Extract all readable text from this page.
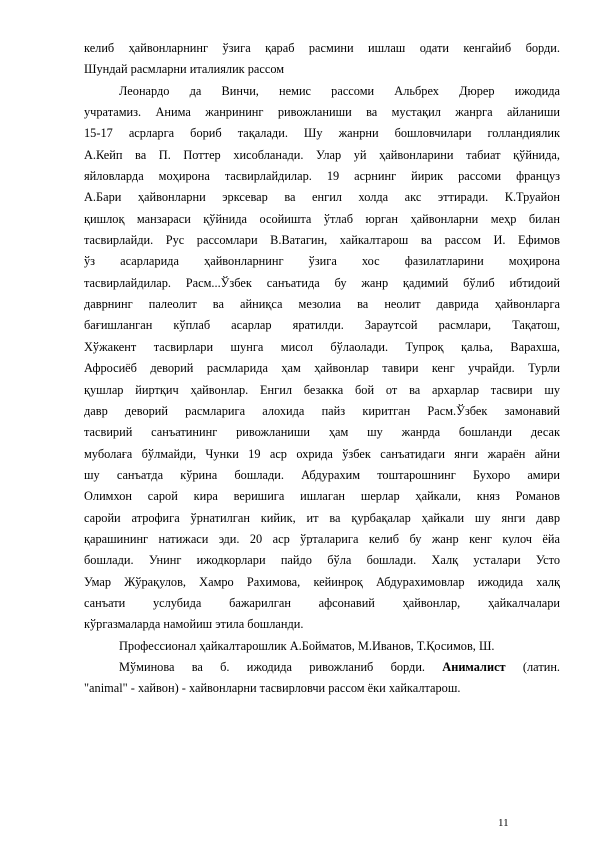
келиб ҳайвонларнинг ўзига қараб расмини ишлаш одати кенгайиб борди.
Шундай расмларни италиялик рассом
Леонардо да Винчи, немис рассоми Альбрех Дюрер ижодида
учратамиз. Анима жанрининг ривожланиши ва мустақил жанрга айланиши
15-17 асрларга бориб тақалади. Шу жанрни бошловчилари голландиялик
А.Кейп ва П. Поттер хисобланади. Улар уй ҳайвонларини табиат қўйнида,
яйловларда моҳирона тасвирлайдилар. 19 асрнинг йирик рассоми француз
А.Бари ҳайвонларни эрксевар ва енгил холда акс эттиради. К.Труайон
қишлоқ манзараси қўйнида осойишта ўтлаб юрган ҳайвонларни меҳр билан
тасвирлайди. Рус рассомлари В.Ватагин, хайкалтарош ва рассом И. Ефимов
ўз асарларида ҳайвонларнинг ўзига хос фазилатларини моҳирона
тасвирлайдилар. Расм...Ўзбек санъатида бу жанр қадимий бўлиб ибтидоий
даврнинг палеолит ва айниқса мезолиа ва неолит даврида ҳайвонларга
бағишланган кўплаб асарлар яратилди. Зараутсой расмлари, Тақатош,
Хўжакент тасвирлари шунга мисол бўлаолади. Тупроқ қальа, Варахша,
Афросиёб деворий расмларида ҳам ҳайвонлар тавири кенг учрайди. Турли
қушлар йиртқич ҳайвонлар. Енгил безакка бой от ва архарлар тасвири шу
давр деворий расмларига алохида пайз киритган Расм.Ўзбек замонавий
тасвирий санъатининг ривожланиши ҳам шу жанрда бошланди десак
муболаға бўлмайди, Чунки 19 аср охрида ўзбек санъатидаги янги жараён айни
шу санъатда кўрина бошлади. Абдурахим тоштарошнинг Бухоро амири
Олимхон сарой кира веришига ишлаган шерлар ҳайкали, княз Романов
саройи атрофига ўрнатилган кийик, ит ва қурбақалар ҳайкали шу янги давр
қарашининг натижаси эди. 20 аср ўрталарига келиб бу жанр кенг кулоч ёйа
бошлади. Унинг ижодкорлари пайдо бўла бошлади. Халқ усталари Усто
Умар Жўрақулов, Хамро Рахимова, кейинроқ Абдурахимовлар ижодида халқ
санъати услубида бажарилган афсонавий ҳайвонлар, ҳайкалчалари
кўргазмаларда намойиш этила бошланди.
Профессионал ҳайкалтарошлик А.Бойматов, М.Иванов, Т.Қосимов, Ш.
Мўминова ва б. ижодида ривожланиб борди. Анималист (латин.
"animal" - хайвон) - хайвонларни тасвирловчи рассом ёки хайкалтарош.
11
